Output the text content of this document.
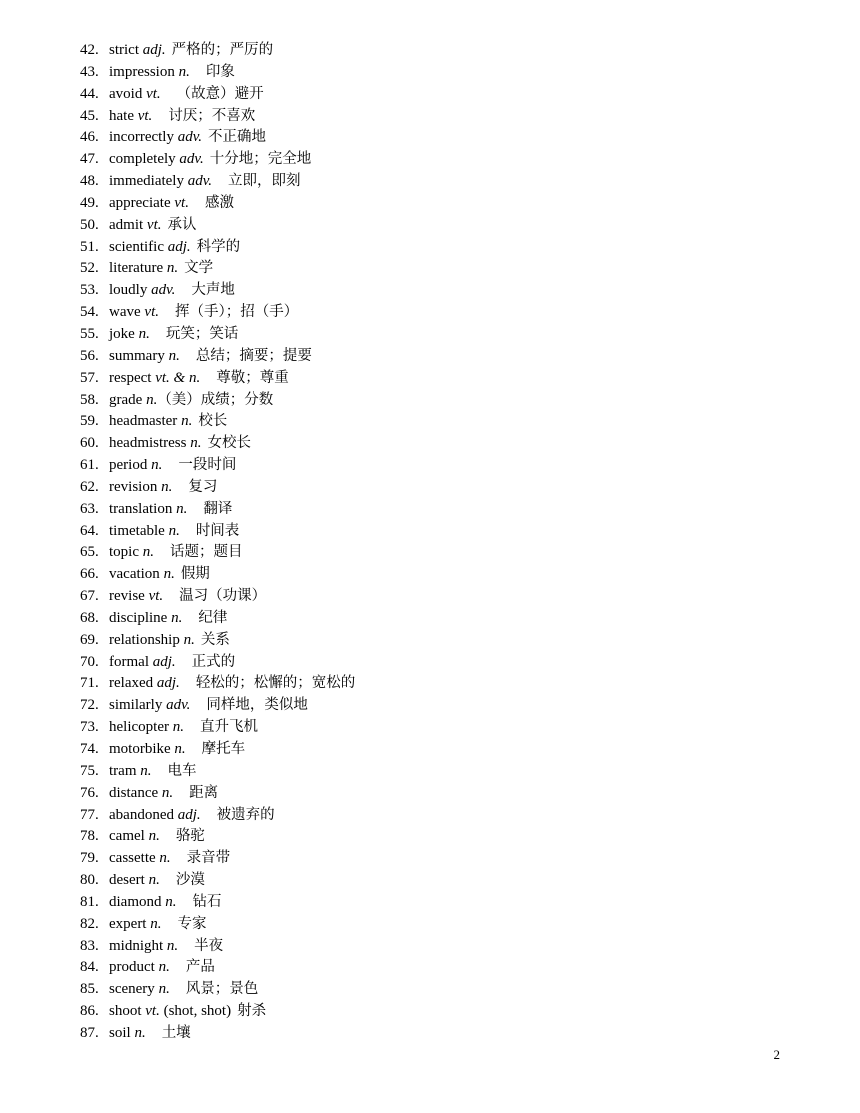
42. strict adj. 严格的；严厉的
43. impression n. 印象
44. avoid vt. （故意）避开
45. hate vt. 讨厌；不喜欢
46. incorrectly adv. 不正确地
47. completely adv. 十分地；完全地
48. immediately adv. 立即，即刻
49. appreciate vt. 感激
50. admit vt. 承认
51. scientific adj. 科学的
52. literature n. 文学
53. loudly adv. 大声地
54. wave vt. 挥（手）；招（手）
55. joke n. 玩笑；笑话
56. summary n. 总结；摘要；提要
57. respect vt. & n. 尊敬；尊重
58. grade n.（美）成绩；分数
59. headmaster n. 校长
60. headmistress n. 女校长
61. period n. 一段时间
62. revision n. 复习
63. translation n. 翻译
64. timetable n. 时间表
65. topic n. 话题；题目
66. vacation n. 假期
67. revise vt. 温习（功课）
68. discipline n. 纪律
69. relationship n. 关系
70. formal adj. 正式的
71. relaxed adj. 轻松的；松懈的；宽松的
72. similarly adv. 同样地，类似地
73. helicopter n. 直升飞机
74. motorbike n. 摩托车
75. tram n. 电车
76. distance n. 距离
77. abandoned adj. 被遗弃的
78. camel n. 骆驼
79. cassette n. 录音带
80. desert n. 沙漠
81. diamond n. 钻石
82. expert n. 专家
83. midnight n. 半夜
84. product n. 产品
85. scenery n. 风景；景色
86. shoot vt. (shot, shot) 射杀
87. soil n. 土壤
2
